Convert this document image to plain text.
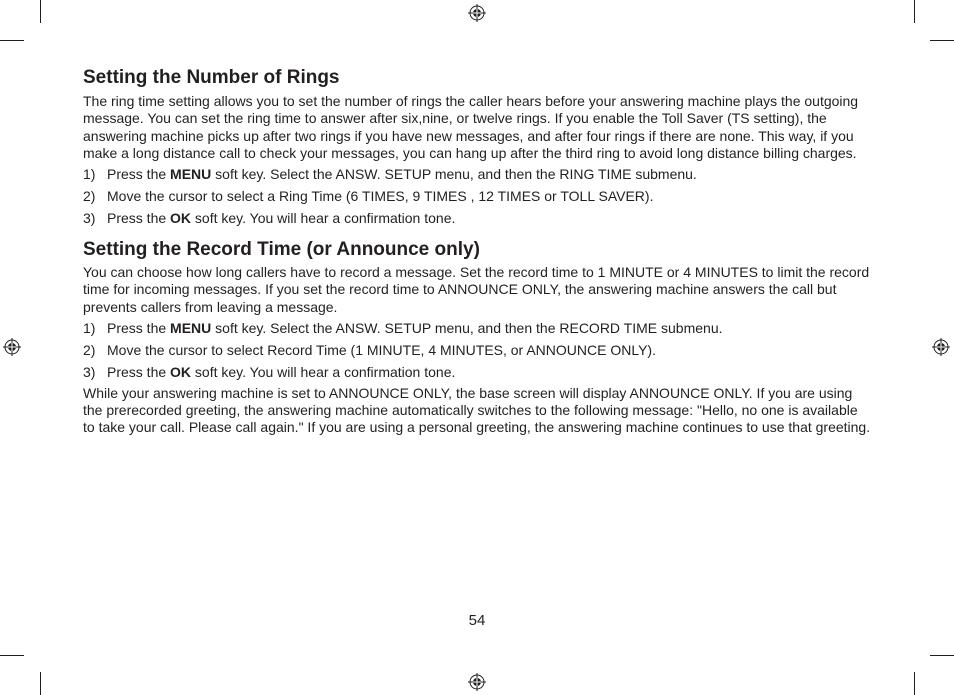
Setting the Number of Rings

The ring time setting allows you to set the number of rings the caller hears before your answering machine plays the outgoing message. You can set the ring time to answer after six,nine, or twelve rings. If you enable the Toll Saver (TS setting), the answering machine picks up after two rings if you have new messages, and after four rings if there are none. This way, if you make a long distance call to check your messages, you can hang up after the third ring to avoid long distance billing charges.

1) Press the MENU soft key. Select the ANSW. SETUP menu, and then the RING TIME submenu.
2) Move the cursor to select a Ring Time (6 TIMES, 9 TIMES , 12 TIMES or TOLL SAVER).
3) Press the OK soft key. You will hear a confirmation tone.
Setting the Record Time (or Announce only)

You can choose how long callers have to record a message. Set the record time to 1 MINUTE or 4 MINUTES to limit the record time for incoming messages. If you set the record time to ANNOUNCE ONLY, the answering machine answers the call but prevents callers from leaving a message.

1) Press the MENU soft key. Select the ANSW. SETUP menu, and then the RECORD TIME submenu.
2) Move the cursor to select Record Time (1 MINUTE, 4 MINUTES, or ANNOUNCE ONLY).
3) Press the OK soft key. You will hear a confirmation tone.

While your answering machine is set to ANNOUNCE ONLY, the base screen will display ANNOUNCE ONLY. If you are using the prerecorded greeting, the answering machine automatically switches to the following message: "Hello, no one is available to take your call. Please call again." If you are using a personal greeting, the answering machine continues to use that greeting.

54
